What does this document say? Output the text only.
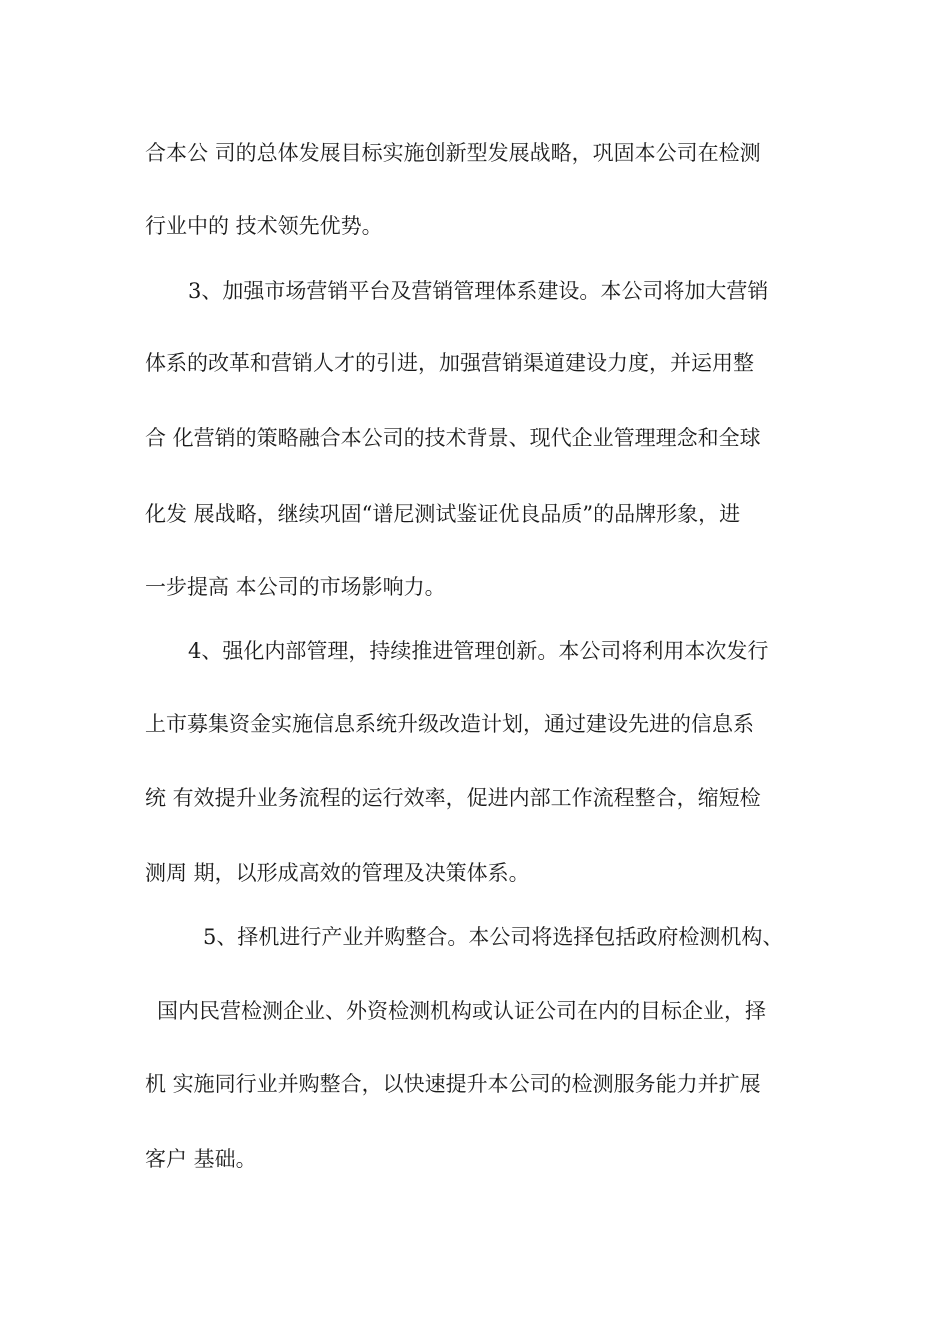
合本公 司的总体发展目标实施创新型发展战略，巩固本公司在检测
行业中的 技术领先优势。
3、加强市场营销平台及营销管理体系建设。本公司将加大营销
体系的改革和营销人才的引进，加强营销渠道建设力度，并运用整
合 化营销的策略融合本公司的技术背景、现代企业管理理念和全球
化发 展战略，继续巩固“谱尼测试鉴证优良品质”的品牌形象，进
一步提高 本公司的市场影响力。
4、强化内部管理，持续推进管理创新。本公司将利用本次发行
上市募集资金实施信息系统升级改造计划，通过建设先进的信息系
统 有效提升业务流程的运行效率，促进内部工作流程整合，缩短检
测周 期，以形成高效的管理及决策体系。
5、择机进行产业并购整合。本公司将选择包括政府检测机构、
国内民营检测企业、外资检测机构或认证公司在内的目标企业，择
机 实施同行业并购整合，以快速提升本公司的检测服务能力并扩展
客户 基础。
